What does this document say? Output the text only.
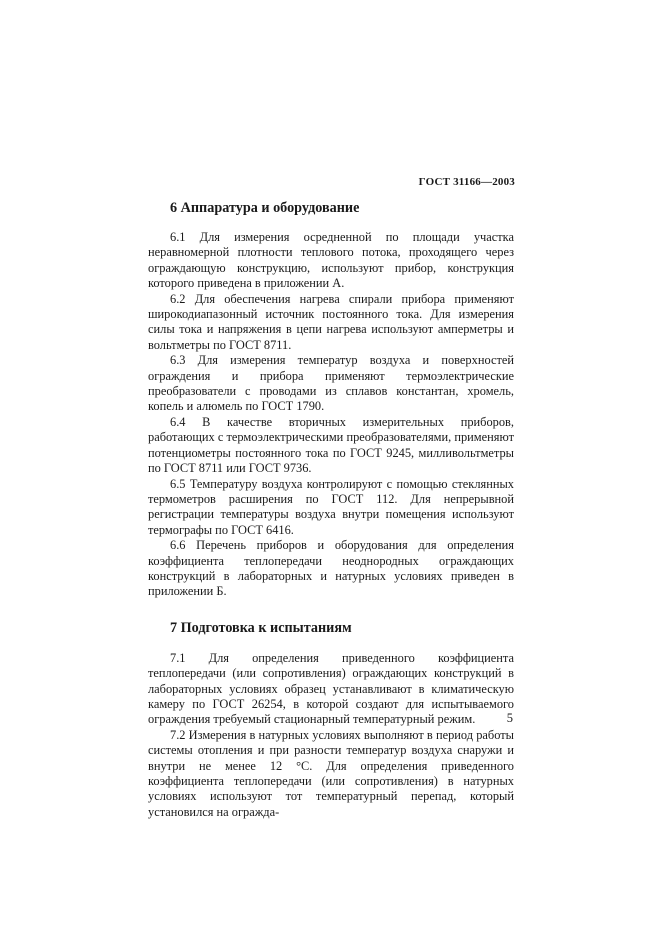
ГОСТ 31166—2003
6 Аппаратура и оборудование

6.1 Для измерения осредненной по площади участка неравномерной плотности теплового потока, проходящего через ограждающую конструкцию, используют прибор, конструкция которого приведена в приложении А.

6.2 Для обеспечения нагрева спирали прибора применяют широкодиапазонный источник постоянного тока. Для измерения силы тока и напряжения в цепи нагрева используют амперметры и вольтметры по ГОСТ 8711.

6.3 Для измерения температур воздуха и поверхностей ограждения и прибора применяют термоэлектрические преобразователи с проводами из сплавов константан, хромель, копель и алюмель по ГОСТ 1790.

6.4 В качестве вторичных измерительных приборов, работающих с термоэлектрическими преобразователями, применяют потенциометры постоянного тока по ГОСТ 9245, милливольтметры по ГОСТ 8711 или ГОСТ 9736.

6.5 Температуру воздуха контролируют с помощью стеклянных термометров расширения по ГОСТ 112. Для непрерывной регистрации температуры воздуха внутри помещения используют термографы по ГОСТ 6416.

6.6 Перечень приборов и оборудования для определения коэффициента теплопередачи неоднородных ограждающих конструкций в лабораторных и натурных условиях приведен в приложении Б.

7 Подготовка к испытаниям

7.1 Для определения приведенного коэффициента теплопередачи (или сопротивления) ограждающих конструкций в лабораторных условиях образец устанавливают в климатическую камеру по ГОСТ 26254, в которой создают для испытываемого ограждения требуемый стационарный температурный режим.

7.2 Измерения в натурных условиях выполняют в период работы системы отопления и при разности температур воздуха снаружи и внутри не менее 12 °С. Для определения приведенного коэффициента теплопередачи (или сопротивления) в натурных условиях используют тот температурный перепад, который установился на огражда-

5
